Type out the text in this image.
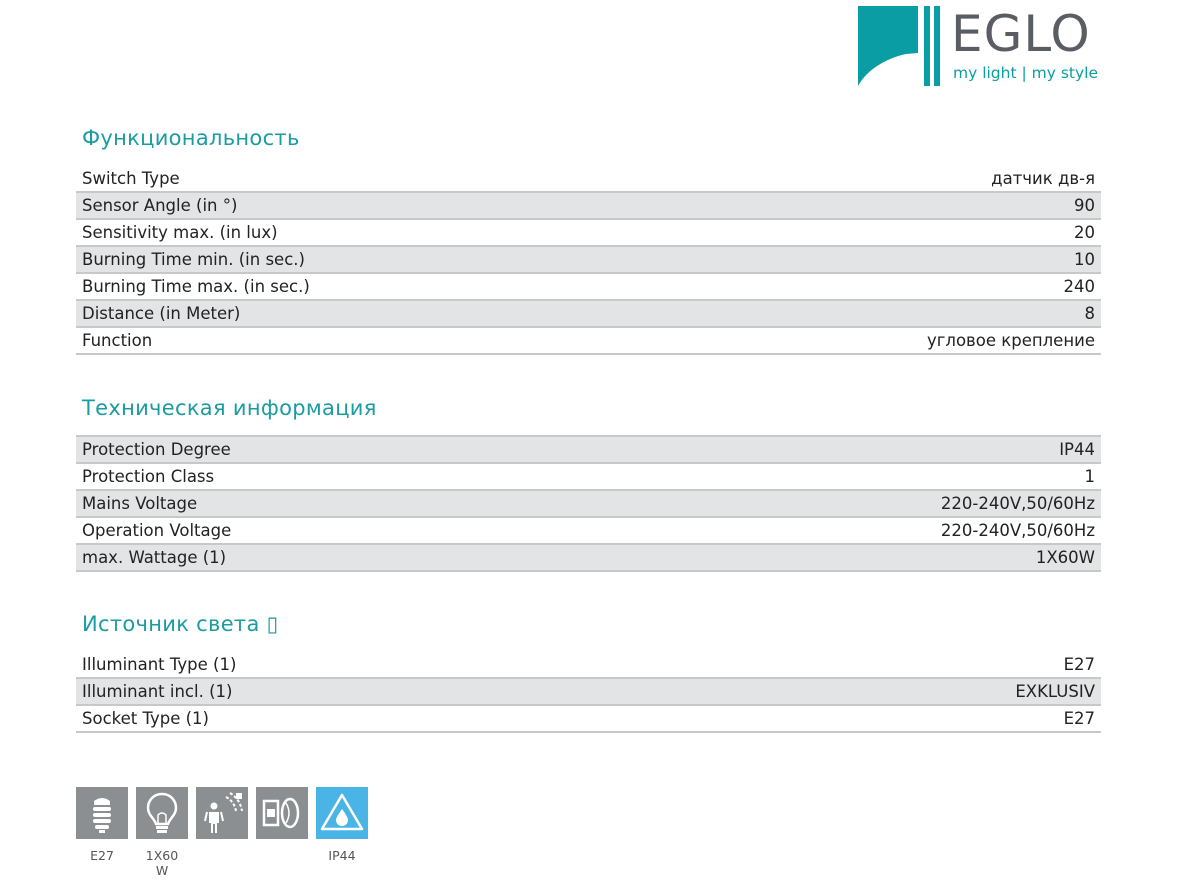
EGLO
my light | my style
Функциональность
Switch Type	датчик дв-я
Sensor Angle (in °)	90
Sensitivity max. (in lux)	20
Burning Time min. (in sec.)	10
Burning Time max. (in sec.)	240
Distance (in Meter)	8
Function	угловое крепление
Техническая информация
Protection Degree	IP44
Protection Class	1
Mains Voltage	220-240V,50/60Hz
Operation Voltage	220-240V,50/60Hz
max. Wattage (1)	1X60W
Источник света ▯
Illuminant Type (1)	E27
Illuminant incl. (1)	EXKLUSIV
Socket Type (1)	E27
E27	1X60
W
IP44
